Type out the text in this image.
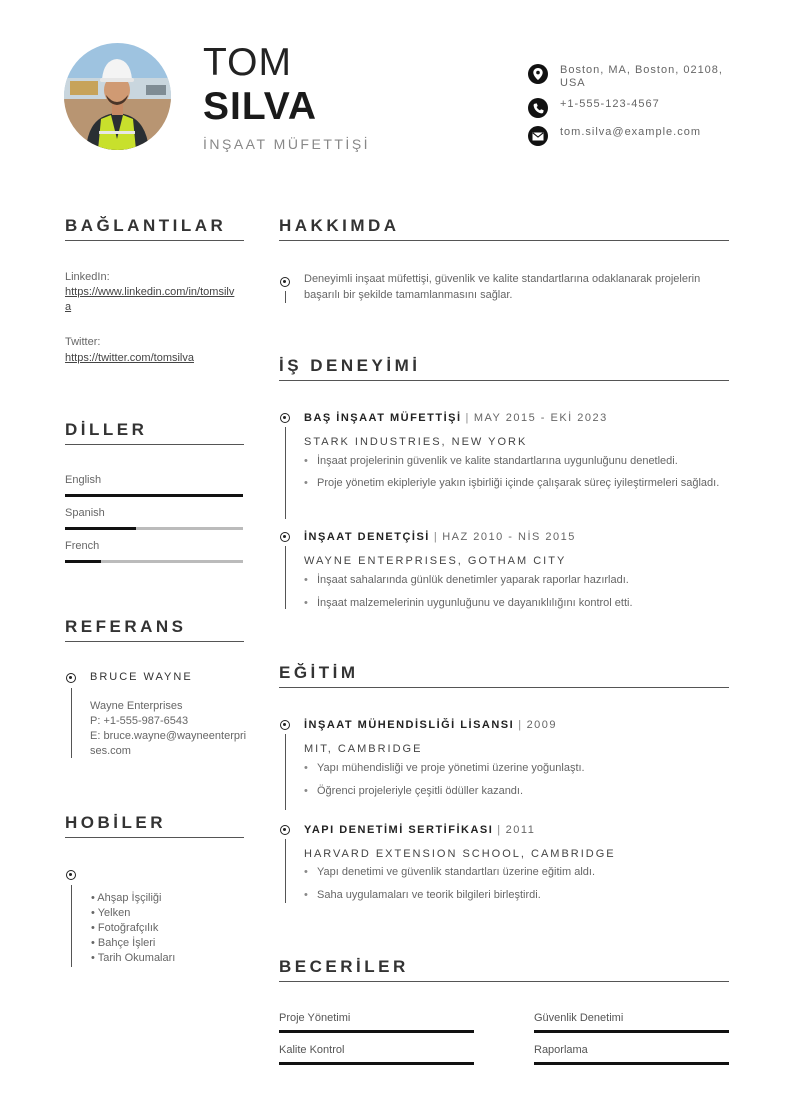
TOM
SILVA
İNŞAAT MÜFETTİŞİ
Boston, MA, Boston, 02108, USA
+1-555-123-4567
tom.silva@example.com
BAĞLANTILAR
LinkedIn:
https://www.linkedin.com/in/tomsilva
Twitter:
https://twitter.com/tomsilva
DİLLER
English
Spanish
French
REFERANS
BRUCE WAYNE
Wayne Enterprises
P: +1-555-987-6543
E: bruce.wayne@wayneenterprises.com
HOBİLER
• Ahşap İşçiliği
• Yelken
• Fotoğrafçılık
• Bahçe İşleri
• Tarih Okumaları
HAKKIMDA
Deneyimli inşaat müfettişi, güvenlik ve kalite standartlarına odaklanarak projelerin başarılı bir şekilde tamamlanmasını sağlar.
İŞ DENEYİMİ
BAŞ İNŞAAT MÜFETTİŞİ | MAY 2015 - EKİ 2023
STARK INDUSTRIES, NEW YORK
• İnşaat projelerinin güvenlik ve kalite standartlarına uygunluğunu denetledi.
• Proje yönetim ekipleriyle yakın işbirliği içinde çalışarak süreç iyileştirmeleri sağladı.
İNŞAAT DENETÇİSİ | HAZ 2010 - NİS 2015
WAYNE ENTERPRISES, GOTHAM CITY
• İnşaat sahalarında günlük denetimler yaparak raporlar hazırladı.
• İnşaat malzemelerinin uygunluğunu ve dayanıklılığını kontrol etti.
EĞİTİM
İNŞAAT MÜHENDİSLİĞİ LİSANSI | 2009
MIT, CAMBRIDGE
• Yapı mühendisliği ve proje yönetimi üzerine yoğunlaştı.
• Öğrenci projeleriyle çeşitli ödüller kazandı.
YAPI DENETİMİ SERTİFİKASI | 2011
HARVARD EXTENSION SCHOOL, CAMBRIDGE
• Yapı denetimi ve güvenlik standartları üzerine eğitim aldı.
• Saha uygulamaları ve teorik bilgileri birleştirdi.
BECERİLER
Proje Yönetimi	Güvenlik Denetimi
Kalite Kontrol	Raporlama
